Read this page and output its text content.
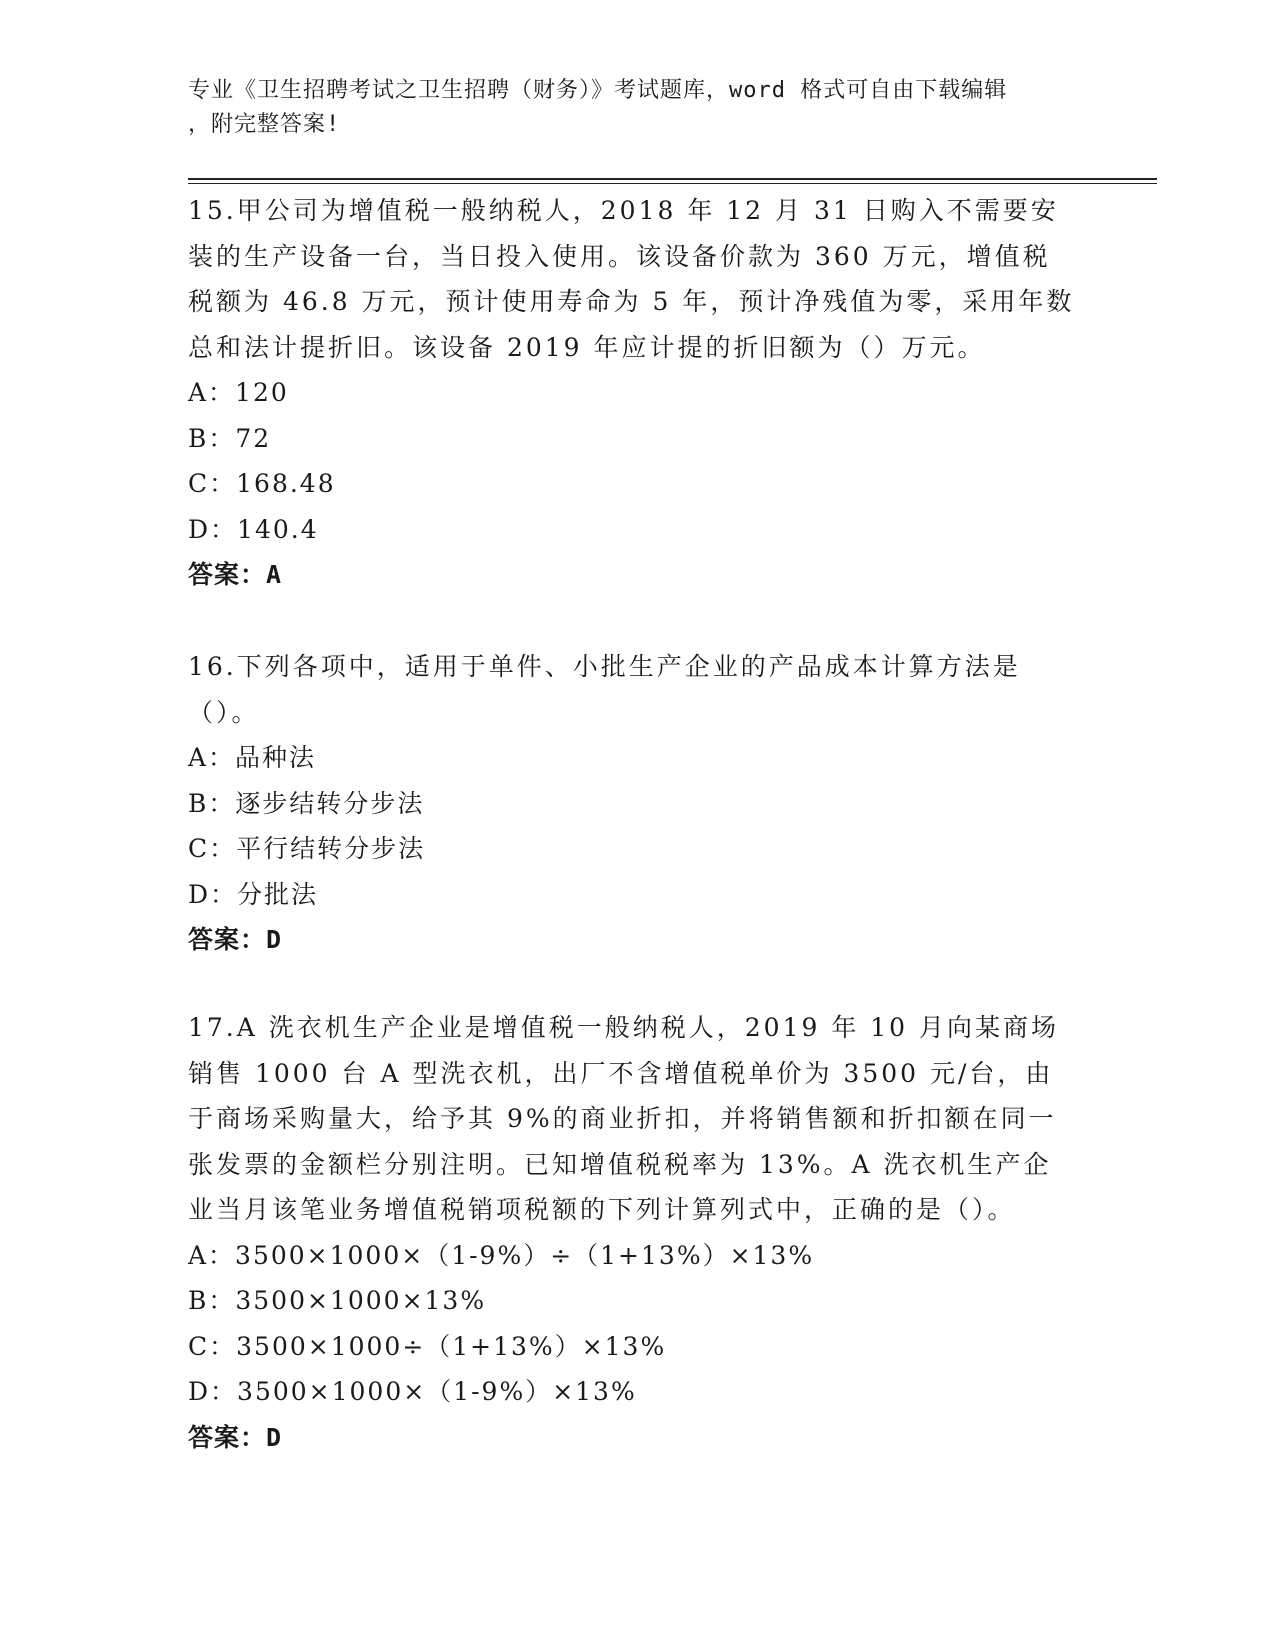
专业《卫生招聘考试之卫生招聘（财务）》考试题库，word 格式可自由下载编辑
，附完整答案!
15.甲公司为增值税一般纳税人，2018 年 12 月 31 日购入不需要安装的生产设备一台，当日投入使用。该设备价款为 360 万元，增值税税额为 46.8 万元，预计使用寿命为 5 年，预计净残值为零，采用年数总和法计提折旧。该设备 2019 年应计提的折旧额为（）万元。
A：120
B：72
C：168.48
D：140.4
答案：A
16.下列各项中，适用于单件、小批生产企业的产品成本计算方法是（）。
A：品种法
B：逐步结转分步法
C：平行结转分步法
D：分批法
答案：D
17.A 洗衣机生产企业是增值税一般纳税人，2019 年 10 月向某商场销售 1000 台 A 型洗衣机，出厂不含增值税单价为 3500 元/台，由于商场采购量大，给予其 9%的商业折扣，并将销售额和折扣额在同一张发票的金额栏分别注明。已知增值税税率为 13%。A 洗衣机生产企业当月该笔业务增值税销项税额的下列计算列式中，正确的是（）。
A：3500×1000×（1-9%）÷（1+13%）×13%
B：3500×1000×13%
C：3500×1000÷（1+13%）×13%
D：3500×1000×（1-9%）×13%
答案：D
